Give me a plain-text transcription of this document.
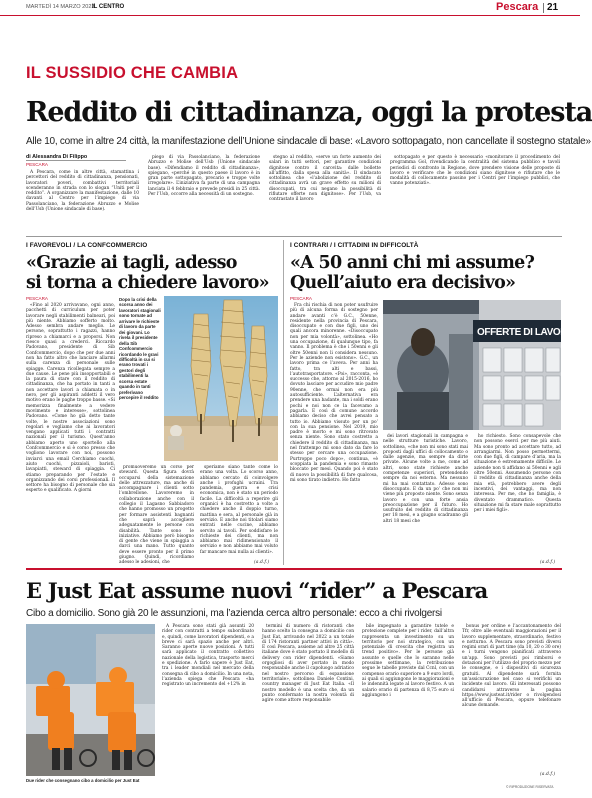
MARTEDÌ 14 MARZO 2023
IL CENTRO	Pescara 21
IL SUSSIDIO CHE CAMBIA
Reddito di cittadinanza, oggi la protesta
Alle 10, come in altre 24 città, la manifestazione dell’Unione sindacale di base: «Lavoro sottopagato, non cancellate il sostegno statale»
di Alessandra Di Filippo
PESCARA

A Pescara, come in altre città, stamattina i percettori del reddito di cittadinanza, pensionati, lavoratori poveri, combattivi territoriali scenderanno in strada con lo slogan “Uniti per il reddito”. A organizzare la manifestazione, dalle 10 davanti al Centro per l’impiego di via Passolanciano, la federazione Abruzzo e Molise dell’Usb (Unione sindacale di base).

piego di via Passolanciano, la federazione Abruzzo e Molise dell’Usb (Unione sindacale base). «Difendiamo il reddito di cittadinanza», spiegano, «perché in questo paese il lavoro è in gran parte sottopagato, precario e troppe volte irregolare». L’iniziativa fa parte di una campagna lanciata il 4 febbraio e prevede presidi in 25 città. Per l’Usb, occorre alla necessità di un sostegno.

stegno al reddito, «serve un forte aumento dei salari in tutti settori, per garantire condizioni dignitose contro il carovita: dalle bollette all’affitto, dalla spesa alla sanità». Il sindacato sottolinea che «l’abolizione del reddito di cittadinanza avrà un grave effetto su milioni di disoccupati, tra cui negano la possibilità di rifiutare offerte non dignitose». Per l’Usb, va contrastato il lavoro

sottopagato e per questo è necessario «monitorare il procedimento del programma Gol, rivendicando la centralità del sistema pubblico e tavoli periodici di confronto in Regione, dove prendere visione delle proposte di lavoro e verificare che le condizioni siano dignitose e rifiutare che le modalità di collocamento passino per i Centri per l’impiego pubblici, che vanno potenziati».

I FAVOREVOLI / LA CONFCOMMERCIO
«Grazie ai tagli, adesso
si torna a chiedere lavoro»
PESCARA

«Fino al 2020 arrivavano, ogni anno, pacchetti di curriculum per poter lavorare negli stabilimenti balneari, poi più niente. Abbiamo sofferto molto. Adesso sembra andare meglio. Le persone, soprattutto i ragazzi, hanno ripreso a chiamarci e a proporsi. Non riesco quasi a crederci. Riccardo Padovano, presidente di Sib Confcommercio, dopo che per due anni non ha fatto altro che lanciare allarmi sulla carenza di personale sulle spiagge. Carenza ricollegata sempre a due cause. Le pene più insopportabili e la paura di stare con il reddito di cittadinanza, che ha portato in tanti a non accettare lavori a chiamata o in nero, per gli aspiranti addetti il vero motivo erano le paghe troppo basse. «Si memorizza finalmente a vedere movimento e interesse», sottolinea Padovano. «Come ho già detto tante volte, le nostre associazioni sono regolari e vogliamo che ai lavoratori vengano applicati tutti i contratti nazionali per il turismo. Quest’anno abbiamo aperto uno sportello alla Confcommercio e si è corso presso che vogliono lavorare con noi, possono inviarci una email Cerchiamo cuochi, aiuto cuochi, pizzaioli, baristi, lavapiatti, steward di spiaggia. Ci stiamo preparando per l’estate e organizzando dei corsi professionali. Il settore ha bisogno di personale che sia esperto e qualificato. A giorni

Dopo la crisi della scorsa anno dei lavoratori stagionali sono tornate ad arrivare le richieste di lavoro da parte dei giovani. Lo rivela il presidente della Sib Confcommercio ricordando le gravi difficoltà in cui si erano trovati i gestori degli stabilimenti la scorsa estate quando in tanti preferivano percepire il reddito

promuoveremo un corso per steward. Questa figura dovrà occuparsi della sistemazione delle attrezzature, ma anche di accompagnare i clienti sotto l’ombrellone. Lavoreremo in collaborazione anche con il collegio il Lagasno Sabbiadoro che hanno promosso un progetto per formare assistenti bagnanti che saprà accogliere adeguatamente le persone con disabilità. Tante sono le iniziative. Abbiamo però bisogno di gente che viene in spiaggia a darci una mano. Tutto quanto deve essere pronto per il primo giugno. Quindi, ricordiamo adesso le adesioni, che

speriamo siano tante come lo erano una volta. Lo scorso anno, abbiamo cercato di coinvolgere anche i profughi ucraini. Tra pandemia, guerra e crisi economica, non è stato un periodo facile. La difficoltà a reperire gli organici è ha costretto a volte a chiedere anche il doppio turno, mattina e sera, al personale già in servizio. E anche noi titolari siamo entrati nelle cucine, abbiamo servito ai tavoli. Per soddisfare le richieste dei clienti, ma non abbiamo mai ridimensionato il servizio e non abbiamo mai voluto far mancare mai nulla ai clienti».

(a.d.f.)
I CONTRARI / I CITTADINI IN DIFFICOLTÀ
«A 50 anni chi mi assume?
Quell’aiuto era decisivo»
PESCARA

Fra chi rischia di non poter usufruire più di alcuna forma di sostegno per andare avanti c’è G.C., 50enne, residente nella provincia di Pescara, disoccupato e con due figli, uno dei quali ancora minorenne. «Disoccupato non per mia volontà», sottolinea. «Ho una occupazione, di qualunque tipo, fa vanno. Il problema è che i 50enni e gli oltre 50enni non li considera nessuno. Per le aziende non esistono». G.C., un lavoro prima ce l’aveva. Per anni ha fatto, tra alti e bassi, l’autotrasportatore. «Poi», racconta, «è successo che, attorno al 2015-2016, ho dovuto lasciare per accudire mio padre 90enne, che ormai non era più autosufficiente. L’alternativa era prendere una badante, ma i soldi erano pochi e noi non ce la facevamo a pagarla. E così di comune accordo abbiamo deciso che avrei pensato a tutto io. Abbiamo vissuto per un po’ con la sua pensione. Nel 2019, mio padre è morto e mi sono ritrovato senza niente. Sono stato costretto a chiedere il reddito di cittadinanza, ma nel frattempo mi sono dato da fare lo stesso per cercare una occupazione. Purtroppo poco dopo», continua, «è scoppiata la pandemia e sono rimasto bloccato per mesi. Quando poi è stato di nuovo la possibilità di fare qualcosa, mi sono tirato indietro. Ho fatto

OFFERTE DI LAVORO

dei lavori stagionali in campagna e nelle strutture turistiche. Lavoro, sottolinea, «che non mi sono stati mai proposti dagli uffici di collocamento o dalle agenzie, ma sempre da dirte private. Alcune volte a me, come ad altri, sono state richieste anche competenze superiori, pretendendo sempre da noi esterno. Ma nessuno mi ha mai contattato. Adesso sono disoccupato. E da un po’ che non mi viene più proposto niente. Sono senza lavoro e con una forte ansia preoccupazione per il futuro. Ho usufruito del reddito di cittadinanza per 18 mesi, e a giugno scadranno gli altri 18 mesi che

ho richiesto. Sono consapevole che non possono esercì per me più aiuti. Ma sono pronto ad accettare tutto, ad arrangiarmi. Non posso permettermi, con due figli, di campare d’aria, ma la situazione è estremamente difficile. Le aziende non ti affidano ai 50enni e agli oltre 50enni. Assumendo persone con il reddito di cittadinanza anche della mia età, potrebbero avere degli incentivi, dei vantaggi, ma non interessa. Per me, che ho famiglia, è diventato drammatico. Questa situazione mi fa stare male soprattutto per i miei figli».

(a.d.f.)
E Just Eat assume nuovi “rider” a Pescara
Cibo a domicilio. Sono già 20 le assunzioni, ma l’azienda cerca altro personale: ecco a chi rivolgersi
Due rider che consegnano cibo a domicilio per Just Eat

A Pescara sono stati già assunti 20 rider con contratti a tempo subordinato e, quindi, come lavoratori dipendenti, e a breve ci sarà spazio anche per altri. Saranno aperte nuove posizioni. A tutti sarà applicato il contratto collettivo nazionale della logistica, trasporto merci e spedizione. A farlo sapere è Just Eat, tra i leader mondiali nel mercato della consegna di cibo a domicilio. In una nota, l’azienda spiega che Pescara «ha registrato un incremento del +12% in

termini di numero di ristoranti che hanno scelto la consegna a domicilio con Just Eat, arrivando nel 2022 a un totale di 174 ristoranti partner attivi in città». E così Pescara, assieme ad altre 25 città italiane dove è stato portato il modello di delivery con rider dipendenti. «Siamo orgogliosi di aver portato in modo responsabile anche il capoluogo adriatico nel nostro percorso di espansione territoriale», sottolinea Daniele Contini, country manager di Just Eat Italia. «Il nostro modello è una scelta che, da un punto confermato la nostra volontà di agire come attore responsabile

bile impegnato a garantire tutele e protezione complete per i rider, dall’altra rappresenta un investimento su un territorio per noi strategico, con un potenziale di crescita che registra un trend positivo». Per le persone già assunte e quelle che lo saranno nelle prossime settimane, la retribuzione segue le tabelle previste dal Ccnl, con un compenso orario superiore a 9 euro lordi, ai quali si aggiungono le maggiorazioni e le indennità legate al lavoro festivo. A un salario orario di partenza di 8,75 euro si aggiungono i

bonus per ordine e l’accantonamento del Tfr, oltre alle eventuali maggiorazioni per il lavoro supplementare, straordinario, festivo e notturno. A Pescara sono previsti diversi regimi orari di part time (da 10, 20 o 30 ore) e i turni vengono pianificati attraverso un’app. Sono previsti poi rimborsi e dotazioni per l’utilizzo del proprio mezzo per le consegne, e i dispositivi di sicurezza gratuiti. Al dipendente sarà fornita un’assicurazione nel caso si verifichi un incidente sul lavoro. Gli interessati possono candidarsi attraverso la pagina https://www.justeat.it/rider o rivolgendosi all’ufficio di Pescara, oppure telefonare alcune domande.

(a.d.f.)
© RIPRODUZIONE RISERVATA
